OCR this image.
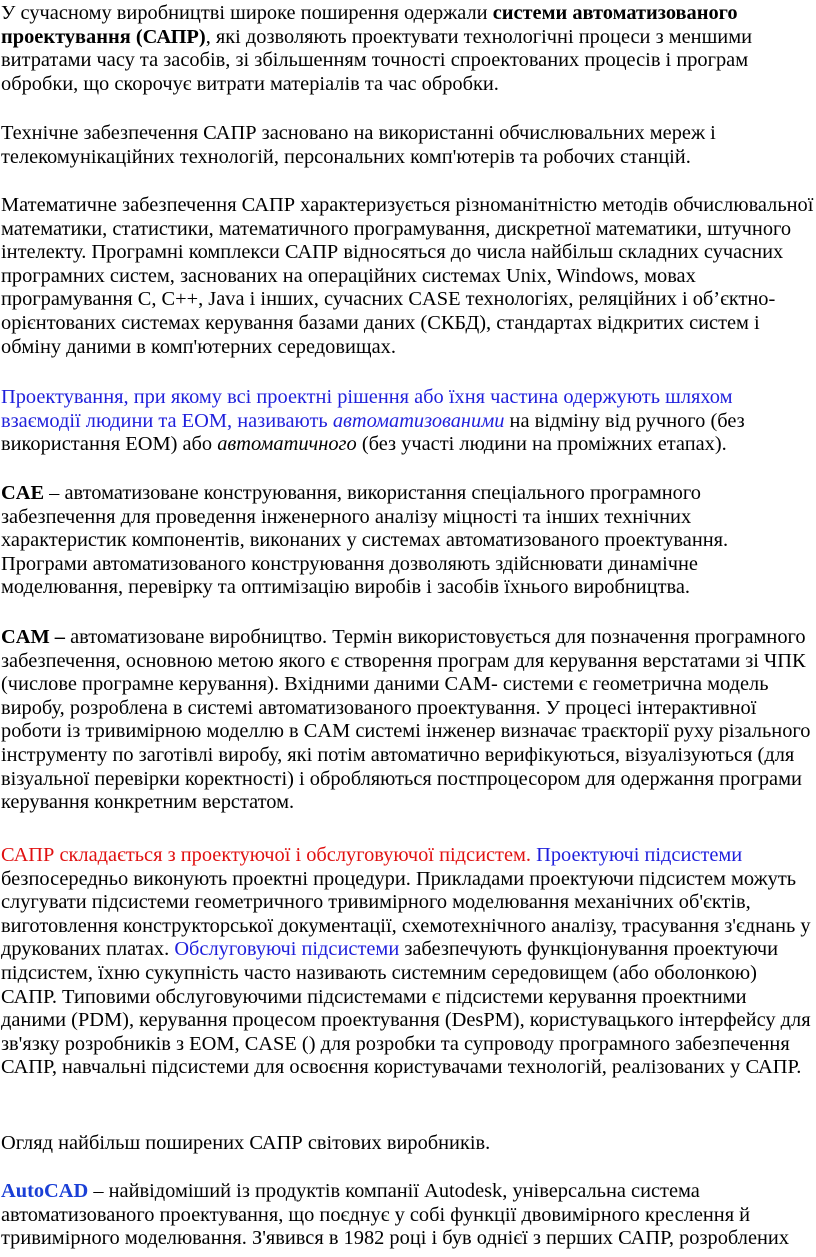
У сучасному виробництві широке поширення одержали системи автоматизованого проектування (САПР), які дозволяють проектувати технологічні процеси з меншими витратами часу та засобів, зі збільшенням точності спроектованих процесів і програм обробки, що скорочує витрати матеріалів та час обробки.

Технічне забезпечення САПР засновано на використанні обчислювальних мереж і телекомунікаційних технологій, персональних комп'ютерів та робочих станцій.

Математичне забезпечення САПР характеризується різноманітністю методів обчислювальної математики, статистики, математичного програмування, дискретної математики, штучного інтелекту. Програмні комплекси САПР відносяться до числа найбільш складних сучасних програмних систем, заснованих на операційних системах Unix, Windows, мовах програмування C, C++, Java і інших, сучасних CASE технологіях, реляційних і об’єктно-орієнтованих системах керування базами даних (СКБД), стандартах відкритих систем і обміну даними в комп'ютерних середовищах.

Проектування, при якому всі проектні рішення або їхня частина одержують шляхом взаємодії людини та ЕОМ, називають автоматизованими на відміну від ручного (без використання ЕОМ) або автоматичного (без участі людини на проміжних етапах).

CAE – автоматизоване конструювання, використання спеціального програмного забезпечення для проведення інженерного аналізу міцності та інших технічних характеристик компонентів, виконаних у системах автоматизованого проектування. Програми автоматизованого конструювання дозволяють здійснювати динамічне моделювання, перевірку та оптимізацію виробів і засобів їхнього виробництва.

CAM – автоматизоване виробництво. Термін використовується для позначення програмного забезпечення, основною метою якого є створення програм для керування верстатами зі ЧПК (числове програмне керування). Вхідними даними CAM- системи є геометрична модель виробу, розроблена в системі автоматизованого проектування. У процесі інтерактивної роботи із тривимірною моделлю в CAM системі інженер визначає траєкторії руху різального інструменту по заготівлі виробу, які потім автоматично верифікуються, візуалізуються (для візуальної перевірки коректності) і обробляються постпроцесором для одержання програми керування конкретним верстатом.

САПР складається з проектуючої і обслуговуючої підсистем. Проектуючі підсистеми безпосередньо виконують проектні процедури. Прикладами проектуючи підсистем можуть слугувати підсистеми геометричного тривимірного моделювання механічних об'єктів, виготовлення конструкторської документації, схемотехнічного аналізу, трасування з'єднань у друкованих платах. Обслуговуючі підсистеми забезпечують функціонування проектуючи підсистем, їхню сукупність часто називають системним середовищем (або оболонкою) САПР. Типовими обслуговуючими підсистемами є підсистеми керування проектними даними (PDM), керування процесом проектування (DesPM), користувацького інтерфейсу для зв'язку розробників з ЕОМ, CASE () для розробки та супроводу програмного забезпечення САПР, навчальні підсистеми для освоєння користувачами технологій, реалізованих у САПР.

Огляд найбільш поширених САПР світових виробників.

AutoCAD – найвідоміший із продуктів компанії Autodesk, універсальна система автоматизованого проектування, що поєднує у собі функції двовимірного креслення й тривимірного моделювання. З'явився в 1982 році і був однієї з перших САПР, розроблених
